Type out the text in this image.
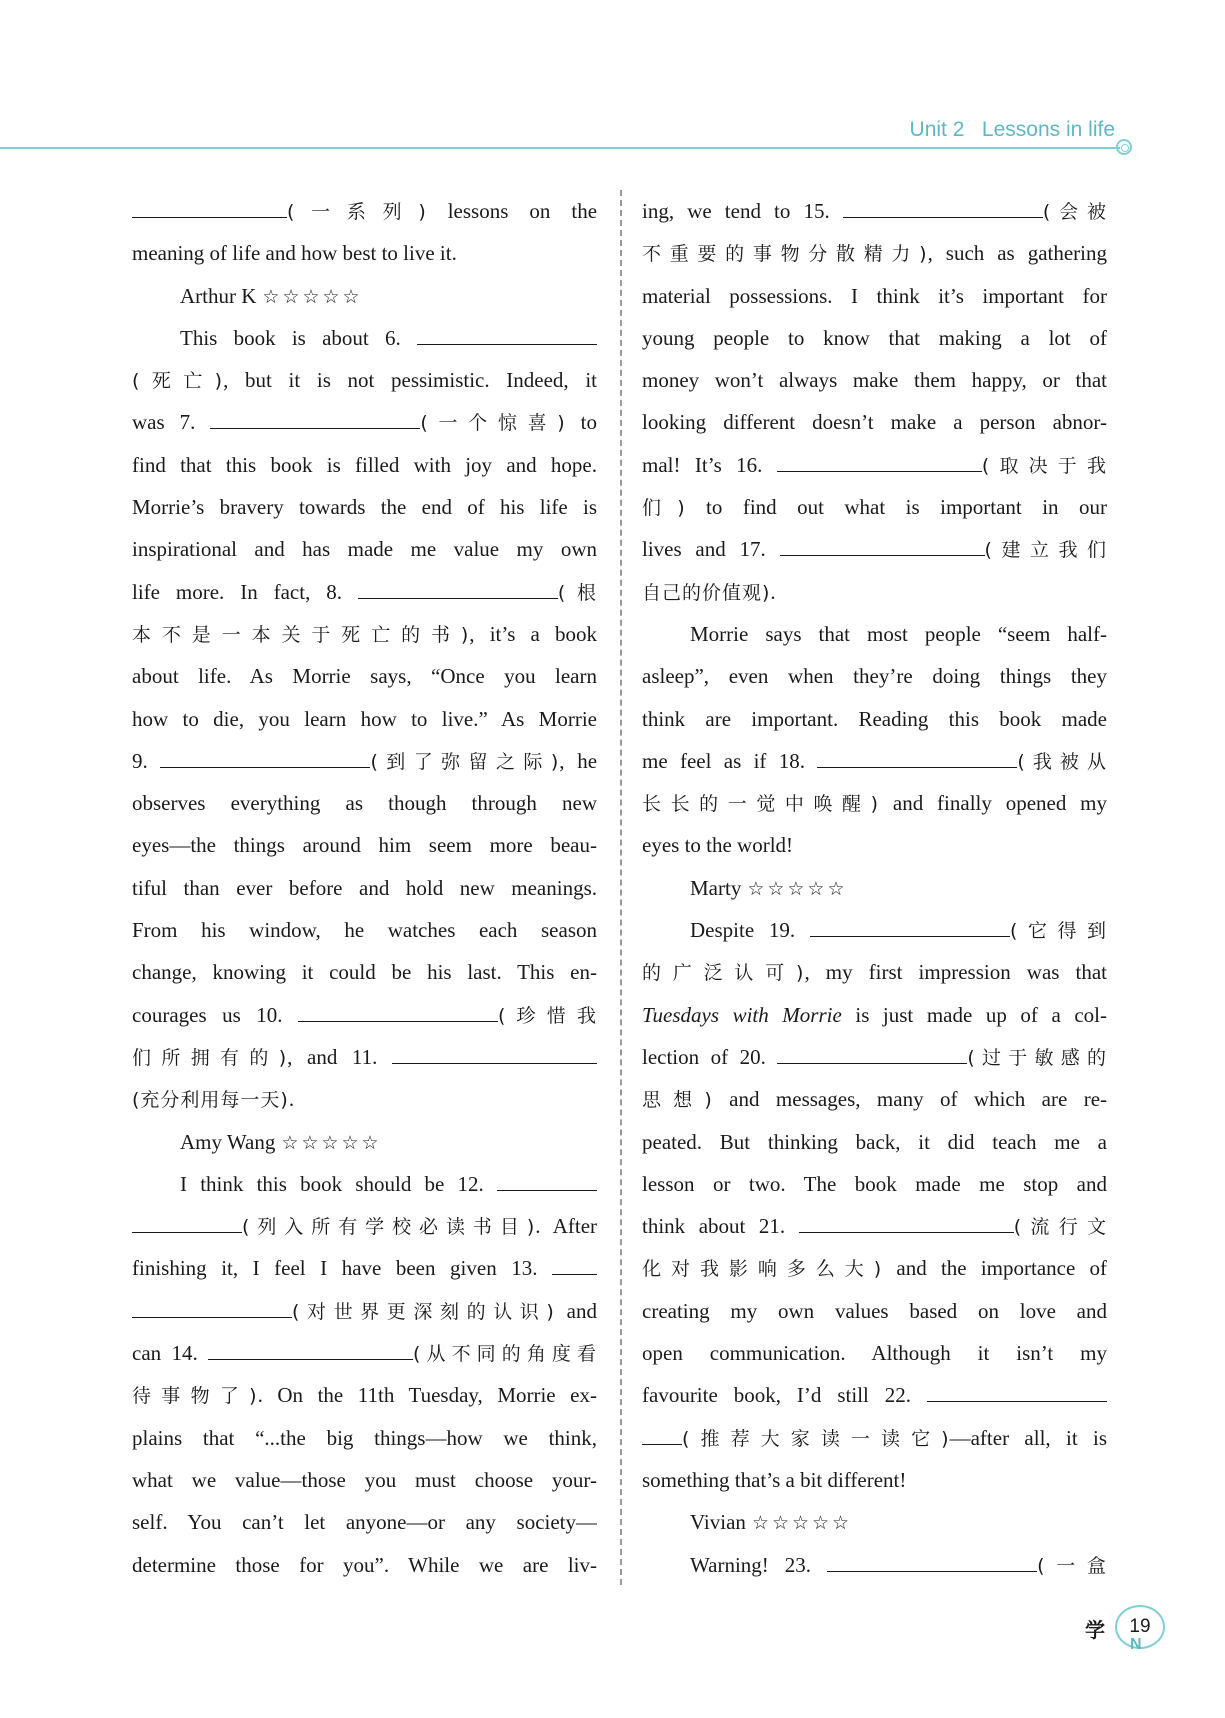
Unit 2 Lessons in life
(一系列) lessons on the
meaning of life and how best to live it.
Arthur K ☆☆☆☆☆
This book is about 6.
(死亡), but it is not pessimistic. Indeed, it
was 7.	(一个惊喜) to
find that this book is filled with joy and hope.
Morrie’s bravery towards the end of his life is
inspirational and has made me value my own
life more. In fact, 8.	(根
本不是一本关于死亡的书), it’s a book
about life. As Morrie says, “Once you learn
how to die, you learn how to live.” As Morrie
9.	(到了弥留之际), he
observes everything as though through new
eyes—the things around him seem more beau-
tiful than ever before and hold new meanings.
From his window, he watches each season
change, knowing it could be his last. This en-
courages us 10.	(珍惜我
们所拥有的), and 11.
(充分利用每一天).
Amy Wang ☆☆☆☆☆
I think this book should be 12.
(列入所有学校必读书目). After
finishing it, I feel I have been given 13.
(对世界更深刻的认识) and
can 14.	(从不同的角度看
待事物了). On the 11th Tuesday, Morrie ex-
plains that “...the big things—how we think,
what we value—those you must choose your-
self. You can’t let anyone—or any society—
determine those for you”. While we are liv-
ing, we tend to 15.	(会被
不重要的事物分散精力), such as gathering
material possessions. I think it’s important for
young people to know that making a lot of
money won’t always make them happy, or that
looking different doesn’t make a person abnor-
mal! It’s 16.	(取决于我
们) to find out what is important in our
lives and 17.	(建立我们
自己的价值观).
Morrie says that most people “seem half-
asleep”, even when they’re doing things they
think are important. Reading this book made
me feel as if 18.	(我被从
长长的一觉中唤醒) and finally opened my
eyes to the world!
Marty ☆☆☆☆☆
Despite 19.	(它得到
的广泛认可), my first impression was that
Tuesdays with Morrie is just made up of a col-
lection of 20.	(过于敏感的
思想) and messages, many of which are re-
peated. But thinking back, it did teach me a
lesson or two. The book made me stop and
think about 21.	(流行文
化对我影响多么大) and the importance of
creating my own values based on love and
open communication. Although it isn’t my
favourite book, I’d still 22.
(推荐大家读一读它)—after all, it is
something that’s a bit different!
Vivian ☆☆☆☆☆
Warning! 23.	(一盒
学	19
N
